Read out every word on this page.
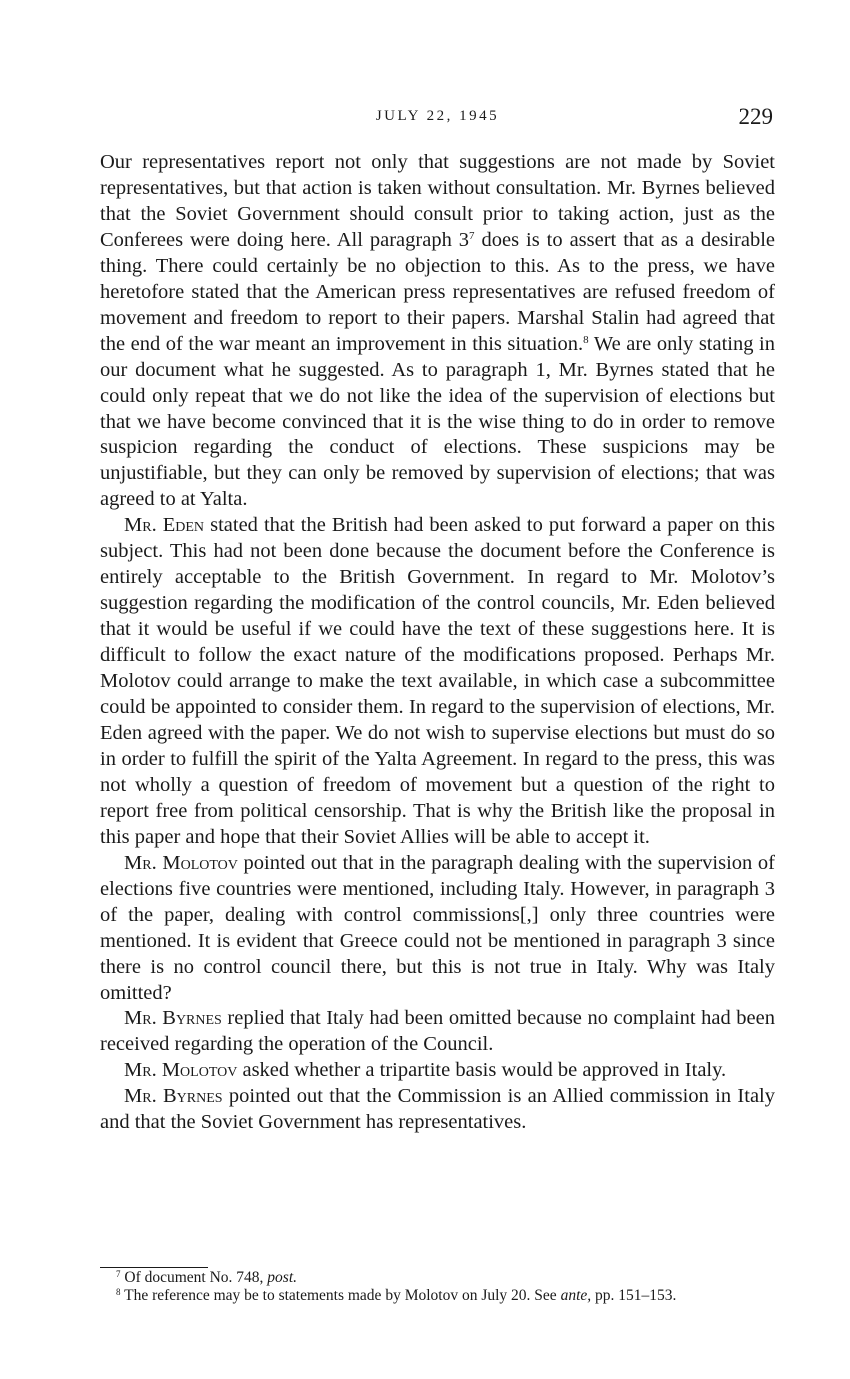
JULY 22, 1945	229

Our representatives report not only that suggestions are not made by Soviet representatives, but that action is taken without consultation. Mr. Byrnes believed that the Soviet Government should consult prior to taking action, just as the Conferees were doing here. All paragraph $3^7$ does is to assert that as a desirable thing. There could certainly be no objection to this. As to the press, we have heretofore stated that the American press representatives are refused freedom of movement and freedom to report to their papers. Marshal Stalin had agreed that the end of the war meant an improvement in this situation.$^8$ We are only stating in our document what he suggested. As to paragraph 1, Mr. Byrnes stated that he could only repeat that we do not like the idea of the supervision of elections but that we have become convinced that it is the wise thing to do in order to remove suspicion regarding the conduct of elections. These suspicions may be unjustifiable, but they can only be removed by supervision of elections; that was agreed to at Yalta.

Mr. Eden stated that the British had been asked to put forward a paper on this subject. This had not been done because the document before the Conference is entirely acceptable to the British Government. In regard to Mr. Molotov’s suggestion regarding the modification of the control councils, Mr. Eden believed that it would be useful if we could have the text of these suggestions here. It is difficult to follow the exact nature of the modifications proposed. Perhaps Mr. Molotov could arrange to make the text available, in which case a subcommittee could be appointed to consider them. In regard to the supervision of elections, Mr. Eden agreed with the paper. We do not wish to supervise elections but must do so in order to fulfill the spirit of the Yalta Agreement. In regard to the press, this was not wholly a question of freedom of movement but a question of the right to report free from political censorship. That is why the British like the proposal in this paper and hope that their Soviet Allies will be able to accept it.

Mr. Molotov pointed out that in the paragraph dealing with the supervision of elections five countries were mentioned, including Italy. However, in paragraph 3 of the paper, dealing with control commissions[,] only three countries were mentioned. It is evident that Greece could not be mentioned in paragraph 3 since there is no control council there, but this is not true in Italy. Why was Italy omitted?

Mr. Byrnes replied that Italy had been omitted because no complaint had been received regarding the operation of the Council.

Mr. Molotov asked whether a tripartite basis would be approved in Italy.

Mr. Byrnes pointed out that the Commission is an Allied commission in Italy and that the Soviet Government has representatives.

$^7$ Of document No. 748, post.

$^8$ The reference may be to statements made by Molotov on July 20. See ante, pp. 151–153.
